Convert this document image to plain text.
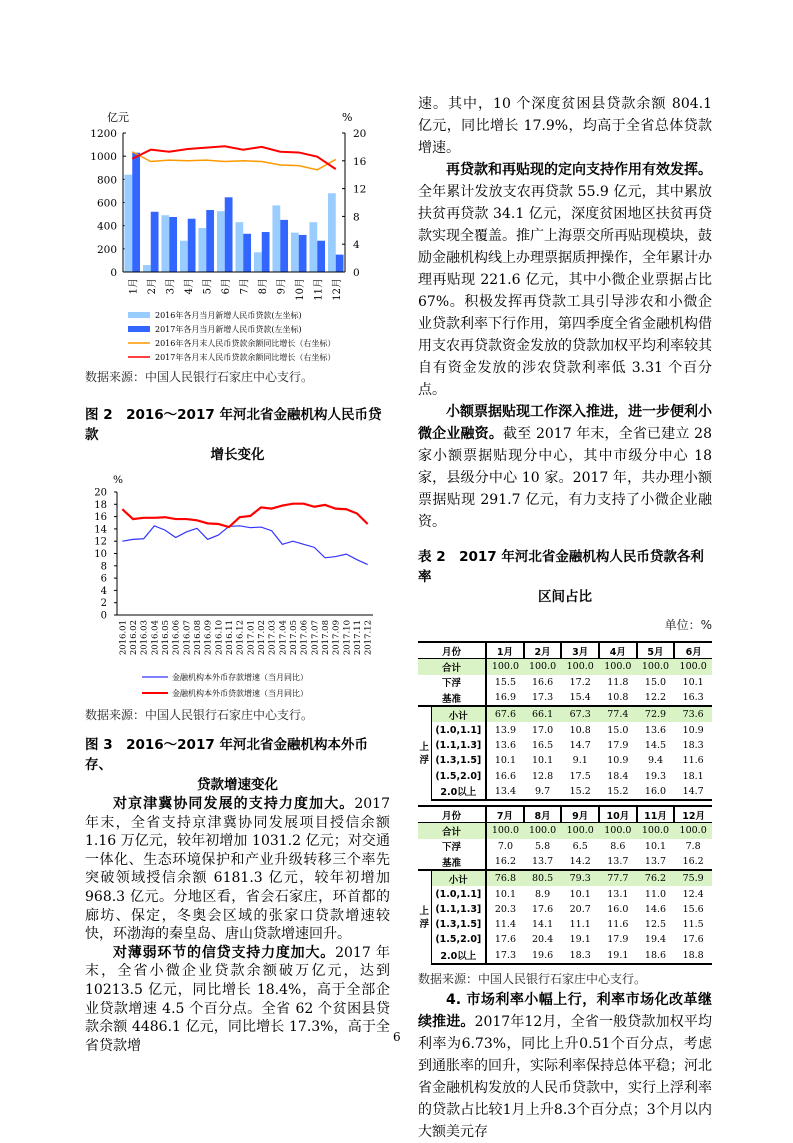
亿元	%
0
200
400
600
800
1000
1200
0
4
8
12
16
20
1月 2月 3月 4月 5月 6月 7月 8月 9月 10月 11月 12月
2016年各月当月新增人民币贷款(左坐标)
2017年各月当月新增人民币贷款(左坐标)
2016年各月末人民币贷款余额同比增长（右坐标）
2017年各月末人民币贷款余额同比增长（右坐标）
数据来源：中国人民银行石家庄中心支行。
图 2　2016～2017 年河北省金融机构人民币贷款
增长变化
%
0
2
4
6
8
10
12
14
16
18
20
2016.01 2016.02 2016.03 2016.04 2016.05 2016.06 2016.07 2016.08 2016.09 2016.10 2016.11 2016.12 2017.01 2017.02 2017.03 2017.04 2017.05 2017.06 2017.07 2017.08 2017.09 2017.10 2017.11 2017.12
金融机构本外币存款增速（当月同比）
金融机构本外币贷款增速（当月同比）
数据来源：中国人民银行石家庄中心支行。
图 3　2016～2017 年河北省金融机构本外币存、
贷款增速变化

对京津冀协同发展的支持力度加大。2017 年末，全省支持京津冀协同发展项目授信余额 1.16 万亿元，较年初增加 1031.2 亿元；对交通一体化、生态环境保护和产业升级转移三个率先突破领域授信余额 6181.3 亿元，较年初增加 968.3 亿元。分地区看，省会石家庄，环首都的廊坊、保定，冬奥会区域的张家口贷款增速较快，环渤海的秦皇岛、唐山贷款增速回升。

对薄弱环节的信贷支持力度加大。2017 年末，全省小微企业贷款余额破万亿元，达到 10213.5 亿元，同比增长 18.4%，高于全部企业贷款增速 4.5 个百分点。全省 62 个贫困县贷款余额 4486.1 亿元，同比增长 17.3%，高于全省贷款增

速。其中，10 个深度贫困县贷款余额 804.1 亿元，同比增长 17.9%，均高于全省总体贷款增速。

再贷款和再贴现的定向支持作用有效发挥。全年累计发放支农再贷款 55.9 亿元，其中累放扶贫再贷款 34.1 亿元，深度贫困地区扶贫再贷款实现全覆盖。推广上海票交所再贴现模块，鼓励金融机构线上办理票据质押操作，全年累计办理再贴现 221.6 亿元，其中小微企业票据占比 67%。积极发挥再贷款工具引导涉农和小微企业贷款利率下行作用，第四季度全省金融机构借用支农再贷款资金发放的贷款加权平均利率较其自有资金发放的涉农贷款利率低 3.31 个百分点。

小额票据贴现工作深入推进，进一步便利小微企业融资。截至 2017 年末，全省已建立 28 家小额票据贴现分中心，其中市级分中心 18 家，县级分中心 10 家。2017 年，共办理小额票据贴现 291.7 亿元，有力支持了小微企业融资。

表 2　2017 年河北省金融机构人民币贷款各利率
区间占比
单位：%
月份		1月	2月	3月	4月	5月	6月
合计		100.0	100.0	100.0	100.0	100.0	100.0
下浮		15.5	16.6	17.2	11.8	15.0	10.1
基准		16.9	17.3	15.4	10.8	12.2	16.3
上浮	小计	67.6	66.1	67.3	77.4	72.9	73.6
	(1.0,1.1]	13.9	17.0	10.8	15.0	13.6	10.9
	(1.1,1.3]	13.6	16.5	14.7	17.9	14.5	18.3
	(1.3,1.5]	10.1	10.1	9.1	10.9	9.4	11.6
	(1.5,2.0]	16.6	12.8	17.5	18.4	19.3	18.1
	2.0以上	13.4	9.7	15.2	15.2	16.0	14.7
月份		7月	8月	9月	10月	11月	12月
合计		100.0	100.0	100.0	100.0	100.0	100.0
下浮		7.0	5.8	6.5	8.6	10.1	7.8
基准		16.2	13.7	14.2	13.7	13.7	16.2
上浮	小计	76.8	80.5	79.3	77.7	76.2	75.9
	(1.0,1.1]	10.1	8.9	10.1	13.1	11.0	12.4
	(1.1,1.3]	20.3	17.6	20.7	16.0	14.6	15.6
	(1.3,1.5]	11.4	14.1	11.1	11.6	12.5	11.5
	(1.5,2.0]	17.6	20.4	19.1	17.9	19.4	17.6
	2.0以上	17.3	19.6	18.3	19.1	18.6	18.8
数据来源：中国人民银行石家庄中心支行。

4. 市场利率小幅上行，利率市场化改革继续推进。2017年12月，全省一般贷款加权平均利率为6.73%，同比上升0.51个百分点，考虑到通胀率的回升，实际利率保持总体平稳；河北省金融机构发放的人民币贷款中，实行上浮利率的贷款占比较1月上升8.3个百分点；3个月以内大额美元存

6
